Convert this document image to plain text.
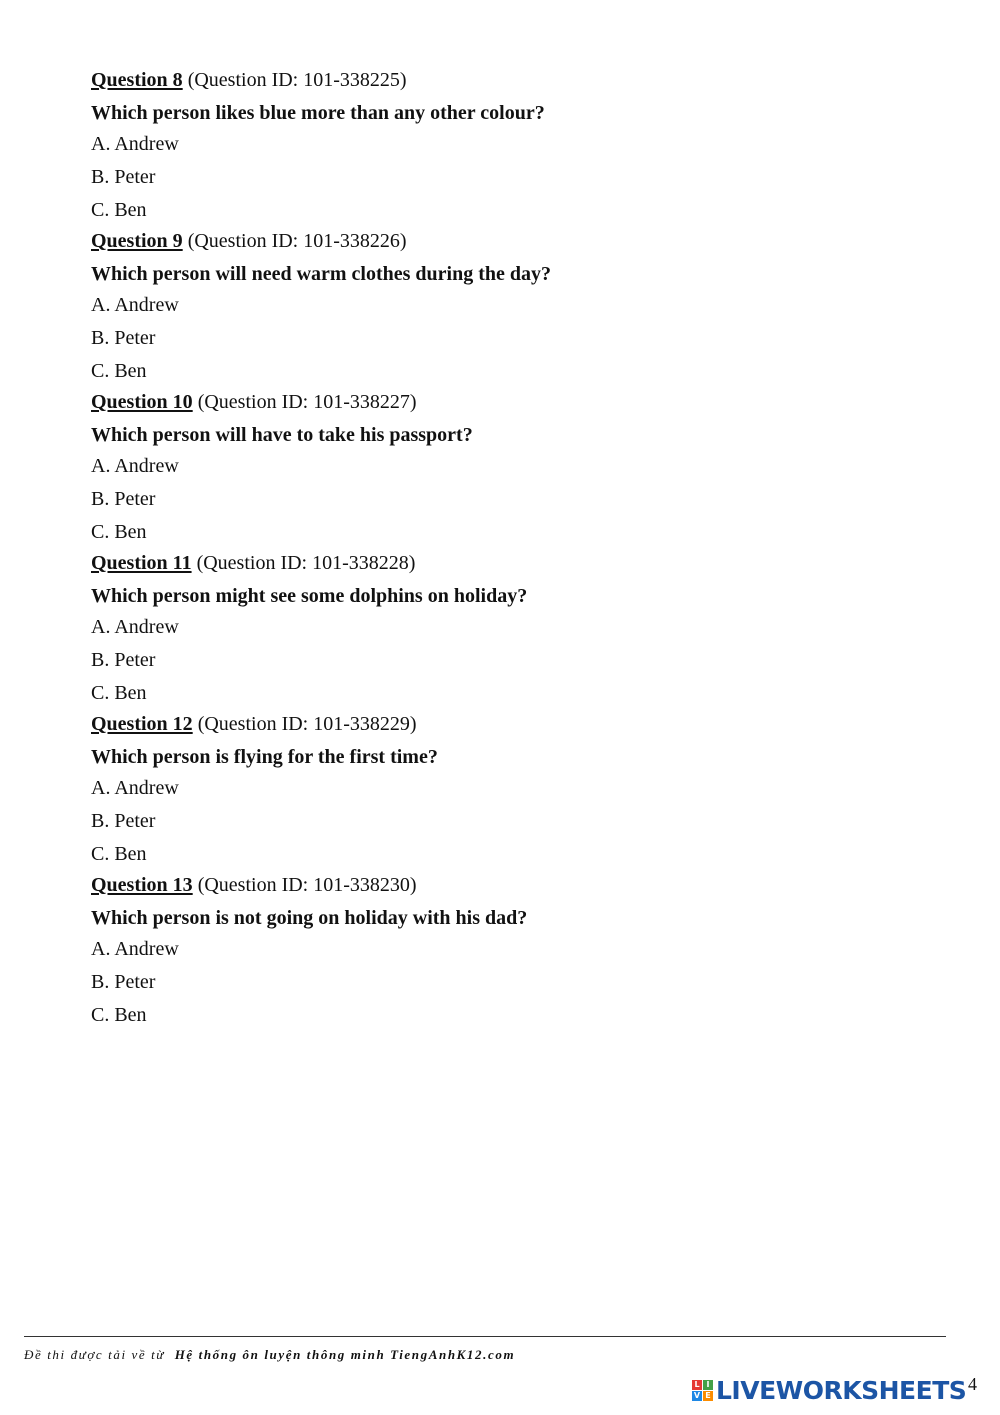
Question 8 (Question ID: 101-338225)
Which person likes blue more than any other colour?
A. Andrew
B. Peter
C. Ben
Question 9 (Question ID: 101-338226)
Which person will need warm clothes during the day?
A. Andrew
B. Peter
C. Ben
Question 10 (Question ID: 101-338227)
Which person will have to take his passport?
A. Andrew
B. Peter
C. Ben
Question 11 (Question ID: 101-338228)
Which person might see some dolphins on holiday?
A. Andrew
B. Peter
C. Ben
Question 12 (Question ID: 101-338229)
Which person is flying for the first time?
A. Andrew
B. Peter
C. Ben
Question 13 (Question ID: 101-338230)
Which person is not going on holiday with his dad?
A. Andrew
B. Peter
C. Ben
Đề thi được tải về từ Hệ thống ôn luyện thông minh TiengAnhK12.com
L I
V E LIVEWORKSHEETS 4
